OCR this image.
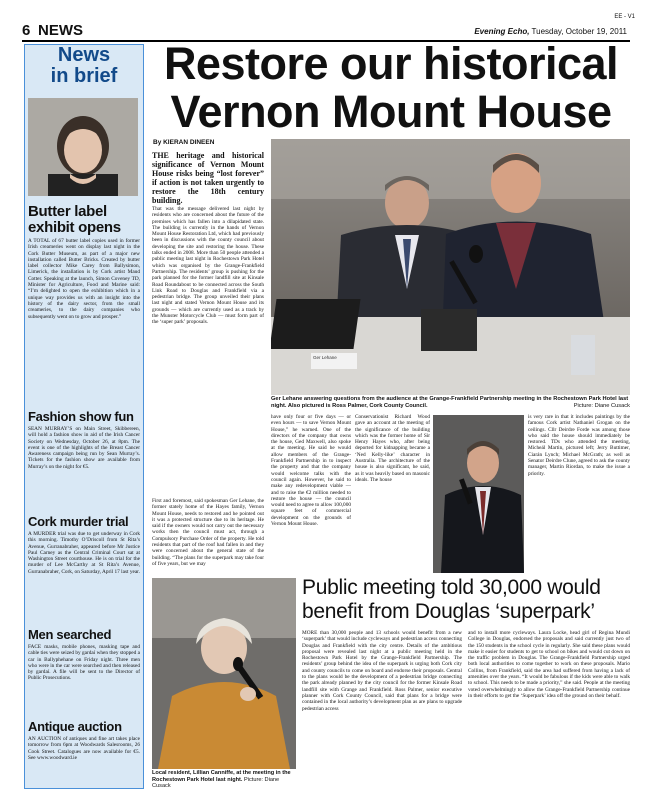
EE - V1
6 NEWS	Evening Echo, Tuesday, October 19, 2011
News
in brief
Butter label exhibit opens
A TOTAL of 67 butter label copies used in former Irish creameries went on display last night in the Cork Butter Museum, as part of a major new installation called Butter Bricks. Created by butter label collector Mike Carey from Ballysimon, Limerick, the installation is by Cork artist Maud Cotter. Speaking at the launch, Simon Coveney TD, Minister for Agriculture, Food and Marine said: “I’m delighted to open the exhibition which in a unique way provides us with an insight into the history of the dairy sector, from the small creameries, to the dairy companies who subsequently went on to grow and prosper.”
Fashion show fun
SEAN MURRAY’S on Main Street, Skibbereen, will hold a fashion show in aid of the Irish Cancer Society on Wednesday, October 26, at 8pm. The event is one of the highlights of the Breast Cancer Awareness campaign being run by Sean Murray’s. Tickets for the fashion show are available from Murray’s on the night for €5.
Cork murder trial
A MURDER trial was due to get underway in Cork this morning. Timothy O’Driscoll from St Rita’s Avenue, Gurranabraher, appeared before Mr Justice Paul Carney as the Central Criminal Court sat at Washington Street courthouse. He is on trial for the murder of Lee McCarthy at St Rita’s Avenue, Gurranabraher, Cork, on Saturday, April 17 last year.
Men searched
FACE masks, mobile phones, masking tape and cable ties were seized by gardaí when they stopped a car in Ballyphehane on Friday night. Three men who were in the car were searched and then released by gardaí. A file will be sent to the Director of Public Prosecutions.
Antique auction
AN AUCTION of antiques and fine art takes place tomorrow from 6pm at Woodwards Salesrooms, 26 Cook Street. Catalogues are now available for €5. See www.woodward.ie
Restore our historical
Vernon Mount House
By KIERAN DINEEN
THE heritage and historical significance of Vernon Mount House risks being “lost forever” if action is not taken urgently to restore the 18th century building.
That was the message delivered last night by residents who are concerned about the future of the premises which has fallen into a dilapidated state. The building is currently in the hands of Vernon Mount House Restoration Ltd, which had previously been in discussions with the county council about developing the site and restoring the house. These talks ended in 2008. More than 50 people attended a public meeting last night in Rochestown Park Hotel which was organised by the Grange-Frankfield Partnership. The residents’ group is pushing for the park planned for the former landfill site at Kinsale Road Roundabout to be connected across the South Link Road to Douglas and Frankfield via a pedestrian bridge. The group unveiled their plans last night and stated Vernon Mount House and its grounds — which are currently used as a track by the Munster Motorcycle Club — must form part of the ‘super park’ proposals.
First and foremost, said spokesman Ger Lehane, the former stately home of the Hayes family, Vernon Mount House, needs to restored and he pointed out it was a protected structure due to its heritage. He said if the owners would not carry out the necessary works then the council must act, through a Compulsory Purchase Order of the property. He told residents that part of the roof had fallen in and they were concerned about the general state of the building. “The plans for the superpark may take four of five years, but we may
Ger Lehane
Ger Lehane answering questions from the audience at the Grange-Frankfield Partnership meeting in the Rochestown Park Hotel last night. Also pictured is Ross Palmer, Cork County Council.	Picture: Diane Cusack
have only four or five days — or even hours — to save Vernon Mount House,” he warned. One of the directors of the company that owns the house, Ged Maxwell, also spoke at the meeting. He said he would allow members of the Grange-Frankfield Partnership in to inspect the property and that the company would welcome talks with the council again. However, he said to make any redevelopment viable — and to raise the €2 million needed to restore the house — the council would need to agree to allow 100,000 square feet of commercial development on the grounds of Vernon Mount House.
Conservationist Richard Wood gave an account at the meeting of the significance of the building which was the former home of Sir Henry Hayes who, after being deported for kidnapping became a ‘Ned Kelly-like’ character in Australia. The architecture of the house is also significant, he said, as it was heavily based on masonic ideals. The house
is very rare in that it includes paintings by the famous Cork artist Nathaniel Grogan on the ceilings. Cllr Deirdre Forde was among those who said the house should immediately be restored. TDs who attended the meeting, Micheál Martin, pictured left; Jerry Buttimer, Ciarán Lynch; Michael McGrath; as well as Senator Deirdre Clune, agreed to ask the county manager, Martin Riordan, to make the issue a priority.
Local resident, Lillian Canniffe, at the meeting in the Rochestown Park Hotel last night. Picture: Diane Cusack
Public meeting told 30,000 would
benefit from Douglas ‘superpark’
MORE than 30,000 people and 13 schools would benefit from a new ‘superpark’ that would include cycleways and pedestrian access connecting Douglas and Frankfield with the city centre. Details of the ambitious proposal were revealed last night at a public meeting held in the Rochestown Park Hotel by the Grange-Frankfield Partnership. The residents’ group behind the idea of the superpark is urging both Cork city and county councils to come on board and endorse their proposals. Central to the plans would be the development of a pedestrian bridge connecting the park already planned by the city council for the former Kinsale Road landfill site with Grange and Frankfield. Ross Palmer, senior executive planner with Cork County Council, said that plans for a bridge were contained in the local authority’s development plan as are plans to upgrade pedestrian access
and to install more cycleways. Laura Locke, head girl of Regina Mundi College in Douglas, endorsed the proposals and said currently just two of the 150 students in the school cycle in regularly. She said these plans would make it easier for students to get to school on bikes and would cut down on the traffic problem in Douglas. The Grange-Frankfield Partnership urged both local authorities to come together to work on these proposals. Mario Collins, from Frankfield, said the area had suffered from having a lack of amenities over the years. “It would be fabulous if the kids were able to walk to school. This needs to be made a priority,” she said. People at the meeting voted overwhelmingly to allow the Grange-Frankfield Partnership continue in their efforts to get the ‘Superpark’ idea off the ground on their behalf.
